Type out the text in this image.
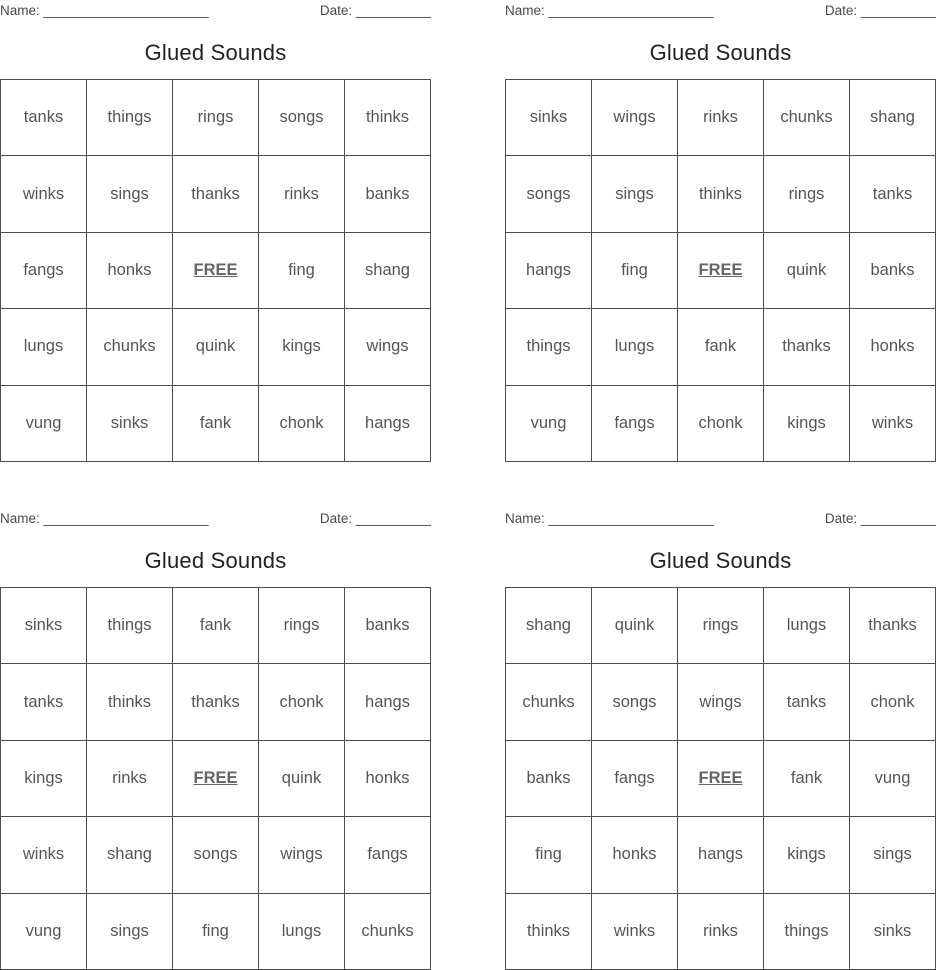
Name: ______________________	Date: __________
Glued Sounds
tanks	things	rings	songs	thinks
winks	sings	thanks	rinks	banks
fangs	honks	FREE	fing	shang
lungs	chunks	quink	kings	wings
vung	sinks	fank	chonk	hangs
Name: ______________________	Date: __________
Glued Sounds
sinks	wings	rinks	chunks	shang
songs	sings	thinks	rings	tanks
hangs	fing	FREE	quink	banks
things	lungs	fank	thanks	honks
vung	fangs	chonk	kings	winks
Name: ______________________	Date: __________
Glued Sounds
sinks	things	fank	rings	banks
tanks	thinks	thanks	chonk	hangs
kings	rinks	FREE	quink	honks
winks	shang	songs	wings	fangs
vung	sings	fing	lungs	chunks
Name: ______________________	Date: __________
Glued Sounds
shang	quink	rings	lungs	thanks
chunks	songs	wings	tanks	chonk
banks	fangs	FREE	fank	vung
fing	honks	hangs	kings	sings
thinks	winks	rinks	things	sinks
